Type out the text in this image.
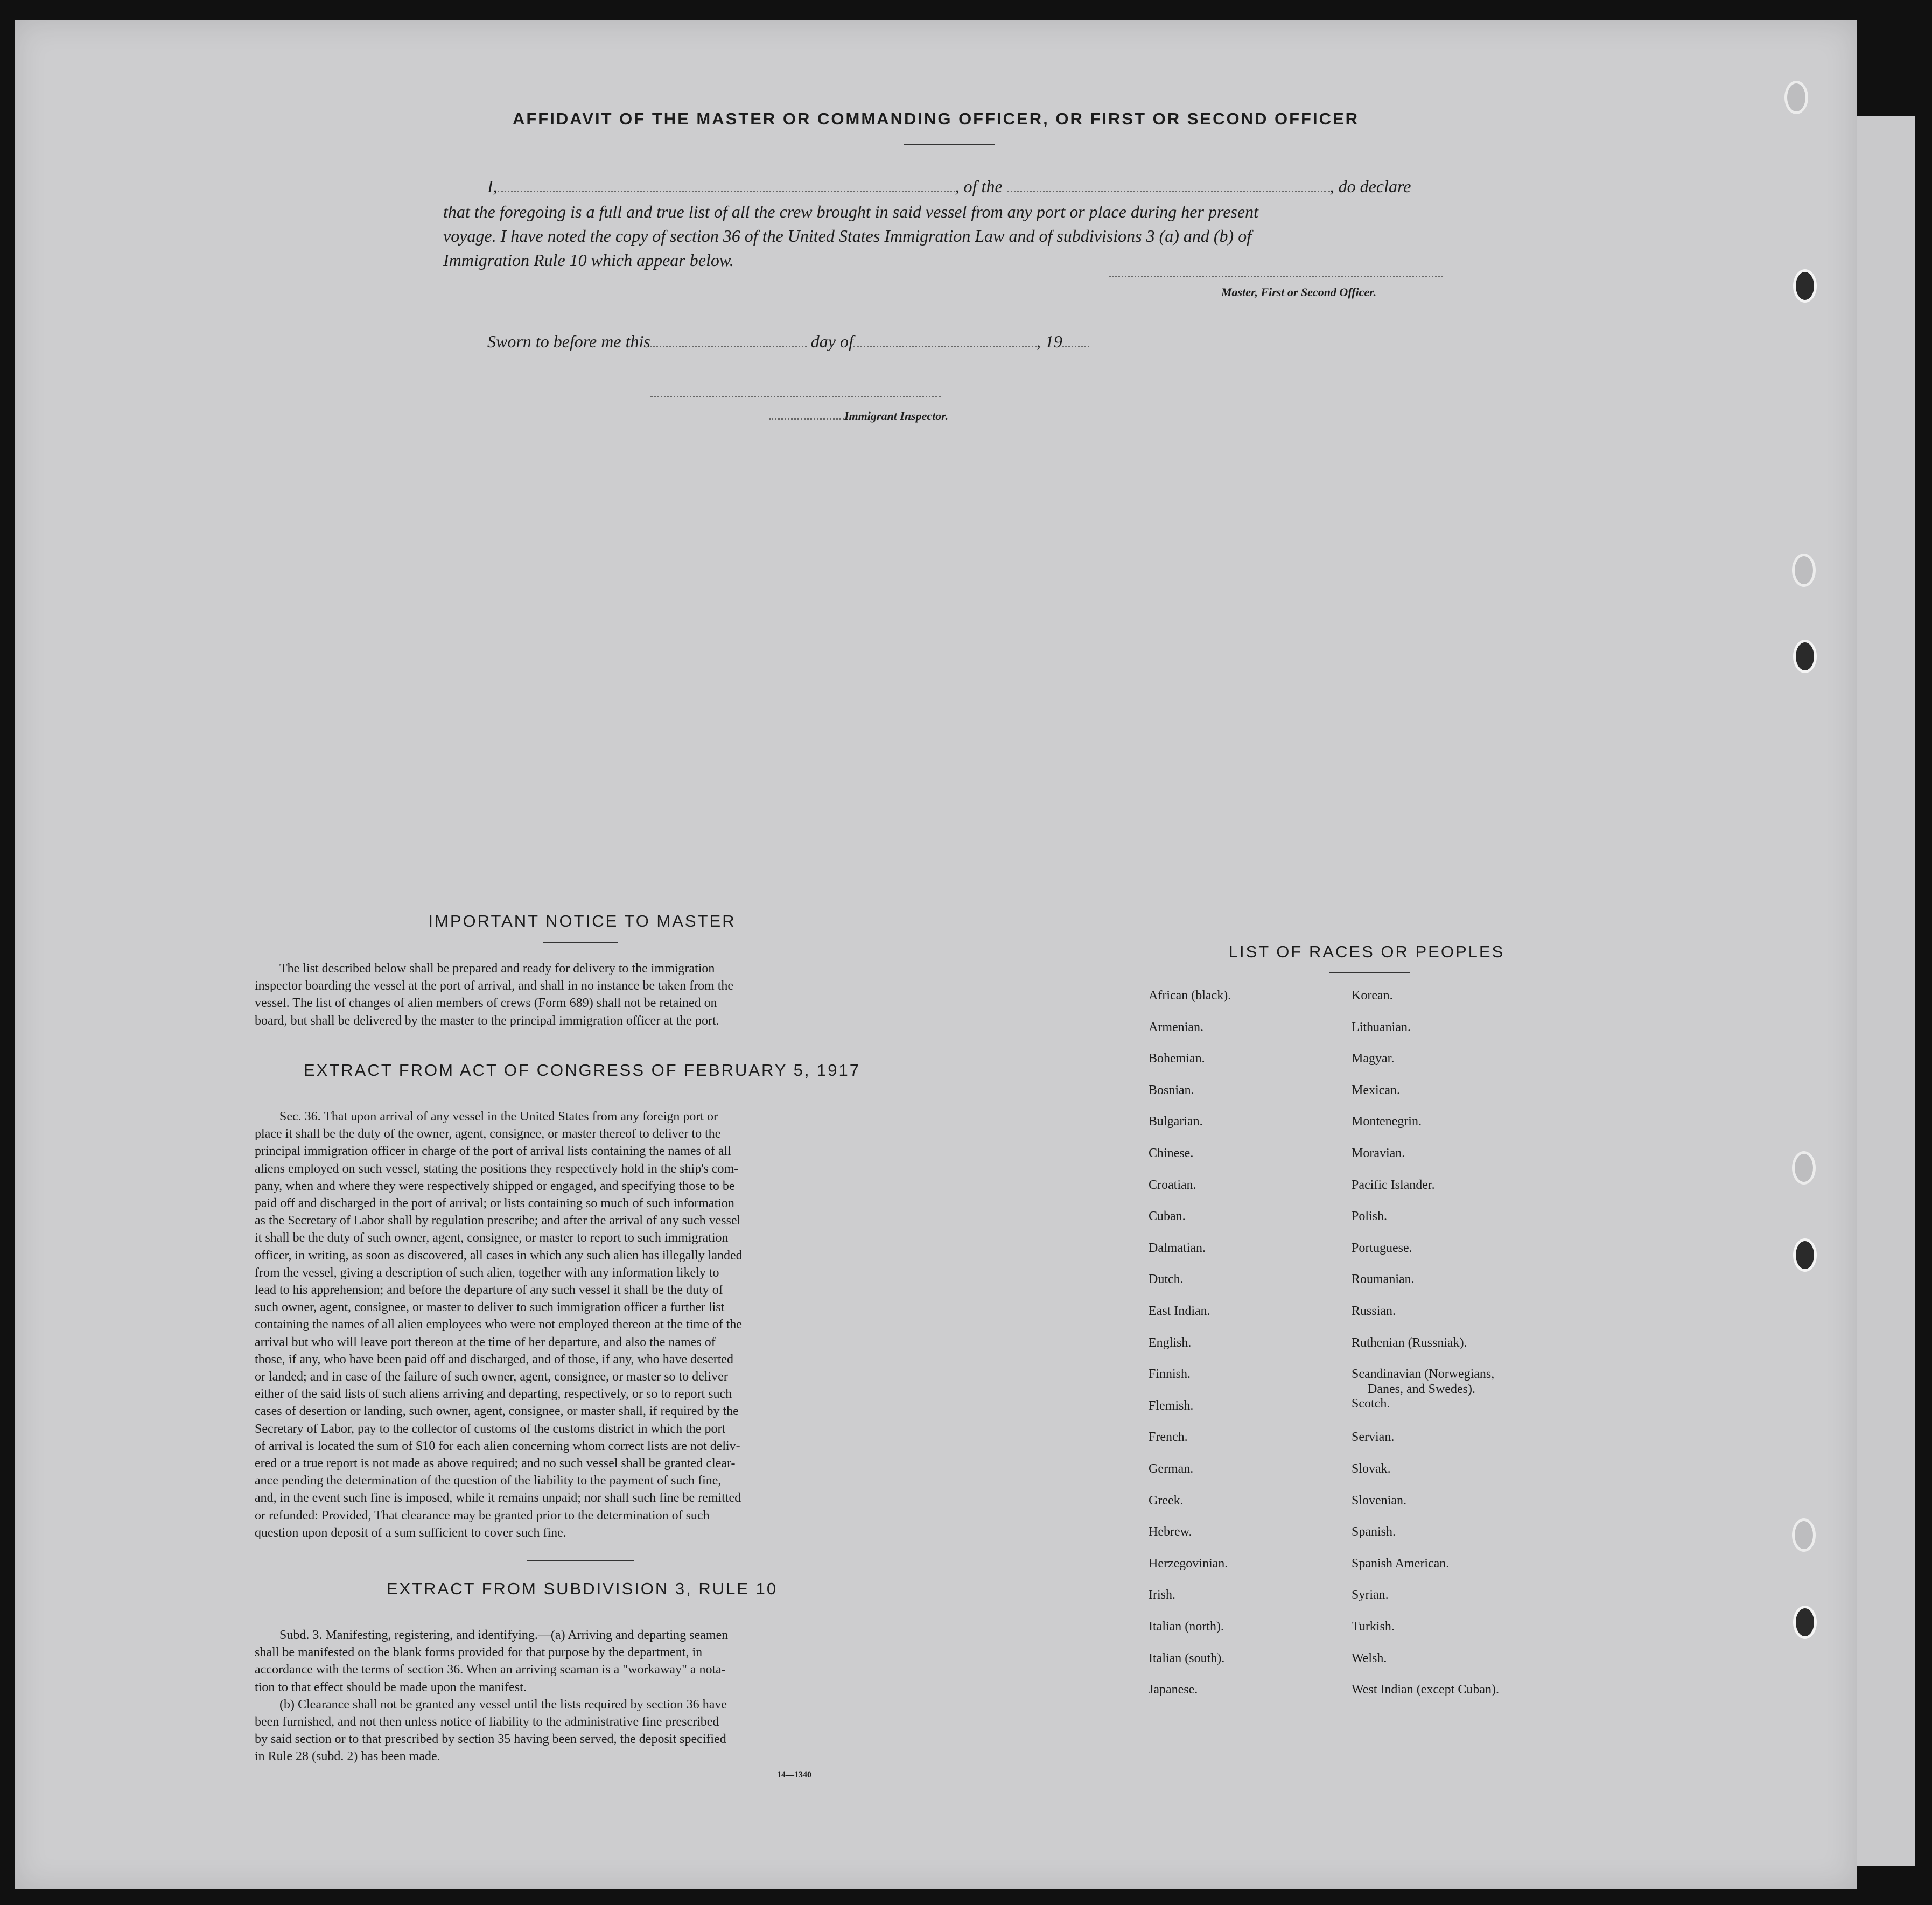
AFFIDAVIT OF THE MASTER OR COMMANDING OFFICER, OR FIRST OR SECOND OFFICER
I,	, of the	, do declare
that the foregoing is a full and true list of all the crew brought in said vessel from any port or place during her present
voyage. I have noted the copy of section 36 of the United States Immigration Law and of subdivisions 3 (a) and (b) of
Immigration Rule 10 which appear below.
Master, First or Second Officer.
Sworn to before me this	day of	, 19
Immigrant Inspector.
IMPORTANT NOTICE TO MASTER
The list described below shall be prepared and ready for delivery to the immigration
inspector boarding the vessel at the port of arrival, and shall in no instance be taken from the
vessel. The list of changes of alien members of crews (Form 689) shall not be retained on
board, but shall be delivered by the master to the principal immigration officer at the port.
EXTRACT FROM ACT OF CONGRESS OF FEBRUARY 5, 1917
Sec. 36. That upon arrival of any vessel in the United States from any foreign port or
place it shall be the duty of the owner, agent, consignee, or master thereof to deliver to the
principal immigration officer in charge of the port of arrival lists containing the names of all
aliens employed on such vessel, stating the positions they respectively hold in the ship's com-
pany, when and where they were respectively shipped or engaged, and specifying those to be
paid off and discharged in the port of arrival; or lists containing so much of such information
as the Secretary of Labor shall by regulation prescribe; and after the arrival of any such vessel
it shall be the duty of such owner, agent, consignee, or master to report to such immigration
officer, in writing, as soon as discovered, all cases in which any such alien has illegally landed
from the vessel, giving a description of such alien, together with any information likely to
lead to his apprehension; and before the departure of any such vessel it shall be the duty of
such owner, agent, consignee, or master to deliver to such immigration officer a further list
containing the names of all alien employees who were not employed thereon at the time of the
arrival but who will leave port thereon at the time of her departure, and also the names of
those, if any, who have been paid off and discharged, and of those, if any, who have deserted
or landed; and in case of the failure of such owner, agent, consignee, or master so to deliver
either of the said lists of such aliens arriving and departing, respectively, or so to report such
cases of desertion or landing, such owner, agent, consignee, or master shall, if required by the
Secretary of Labor, pay to the collector of customs of the customs district in which the port
of arrival is located the sum of $10 for each alien concerning whom correct lists are not deliv-
ered or a true report is not made as above required; and no such vessel shall be granted clear-
ance pending the determination of the question of the liability to the payment of such fine,
and, in the event such fine is imposed, while it remains unpaid; nor shall such fine be remitted
or refunded: Provided, That clearance may be granted prior to the determination of such
question upon deposit of a sum sufficient to cover such fine.
EXTRACT FROM SUBDIVISION 3, RULE 10
Subd. 3. Manifesting, registering, and identifying.—(a) Arriving and departing seamen
shall be manifested on the blank forms provided for that purpose by the department, in
accordance with the terms of section 36. When an arriving seaman is a "workaway" a nota-
tion to that effect should be made upon the manifest.
(b) Clearance shall not be granted any vessel until the lists required by section 36 have
been furnished, and not then unless notice of liability to the administrative fine prescribed
by said section or to that prescribed by section 35 having been served, the deposit specified
in Rule 28 (subd. 2) has been made.
14—1340
LIST OF RACES OR PEOPLES
African (black).
Armenian.
Bohemian.
Bosnian.
Bulgarian.
Chinese.
Croatian.
Cuban.
Dalmatian.
Dutch.
East Indian.
English.
Finnish.
Flemish.
French.
German.
Greek.
Hebrew.
Herzegovinian.
Irish.
Italian (north).
Italian (south).
Japanese.
Korean.
Lithuanian.
Magyar.
Mexican.
Montenegrin.
Moravian.
Pacific Islander.
Polish.
Portuguese.
Roumanian.
Russian.
Ruthenian (Russniak).
Scandinavian (Norwegians,
Danes, and Swedes).
Scotch.
Servian.
Slovak.
Slovenian.
Spanish.
Spanish American.
Syrian.
Turkish.
Welsh.
West Indian (except Cuban).
